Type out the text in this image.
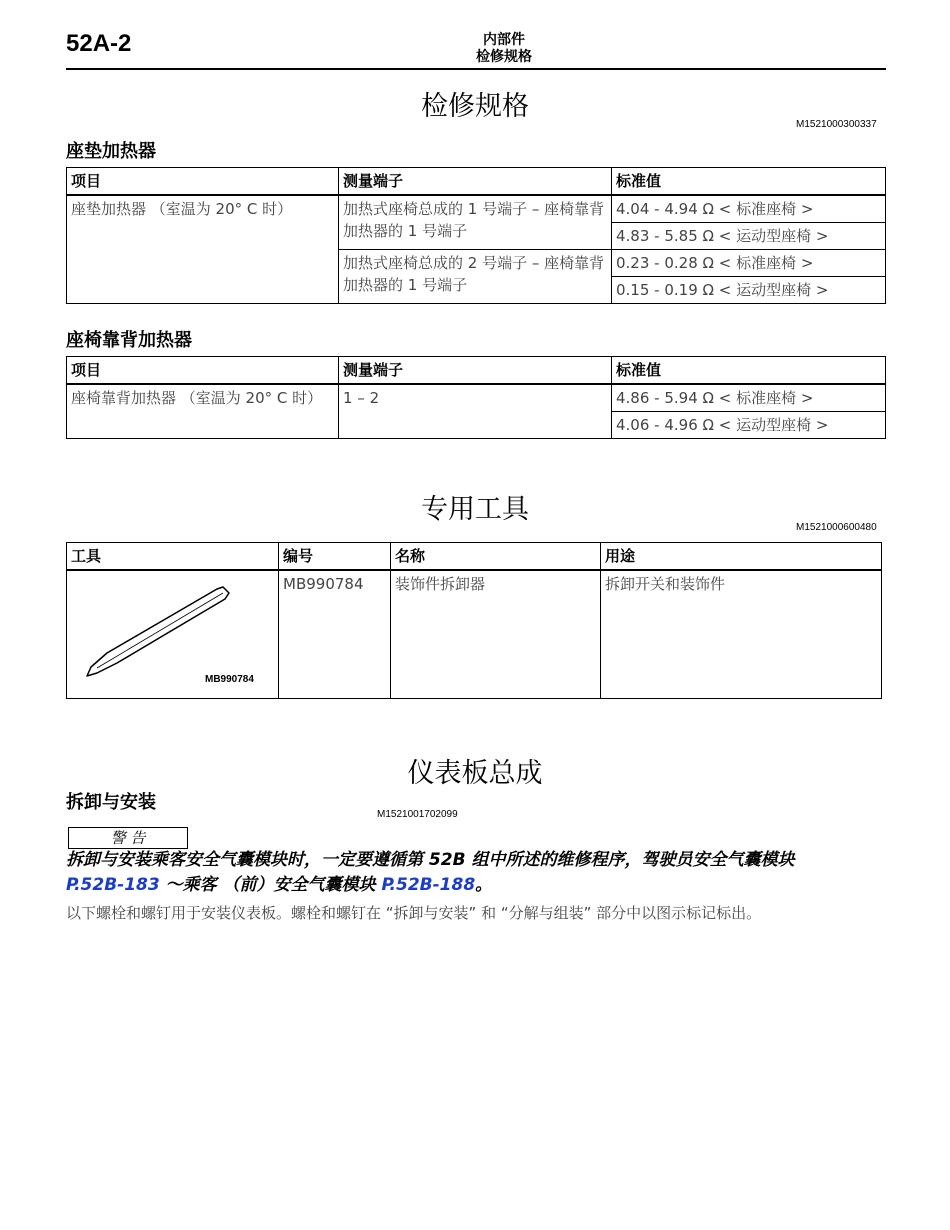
52A-2	内部件
检修规格
检修规格
M1521000300337
座垫加热器
项目	测量端子	标准值
座垫加热器 （室温为 20° C 时）	加热式座椅总成的 1 号端子 – 座椅靠背加热器的 1 号端子	4.04 - 4.94 Ω < 标准座椅 >
		4.83 - 5.85 Ω < 运动型座椅 >
	加热式座椅总成的 2 号端子 – 座椅靠背加热器的 1 号端子	0.23 - 0.28 Ω < 标准座椅 >
		0.15 - 0.19 Ω < 运动型座椅 >
座椅靠背加热器
项目	测量端子	标准值
座椅靠背加热器 （室温为 20° C 时）	1 – 2	4.86 - 5.94 Ω < 标准座椅 >
		4.06 - 4.96 Ω < 运动型座椅 >
专用工具
M1521000600480
工具	编号	名称	用途

MB990784	MB990784	装饰件拆卸器	拆卸开关和装饰件
仪表板总成
拆卸与安装
M1521001702099
警 告
拆卸与安装乘客安全气囊模块时，一定要遵循第 52B 组中所述的维修程序，驾驶员安全气囊模块
P.52B-183 ～乘客 （前）安全气囊模块 P.52B-188。
以下螺栓和螺钉用于安装仪表板。螺栓和螺钉在 “拆卸与安装” 和 “分解与组装” 部分中以图示标记标出。
